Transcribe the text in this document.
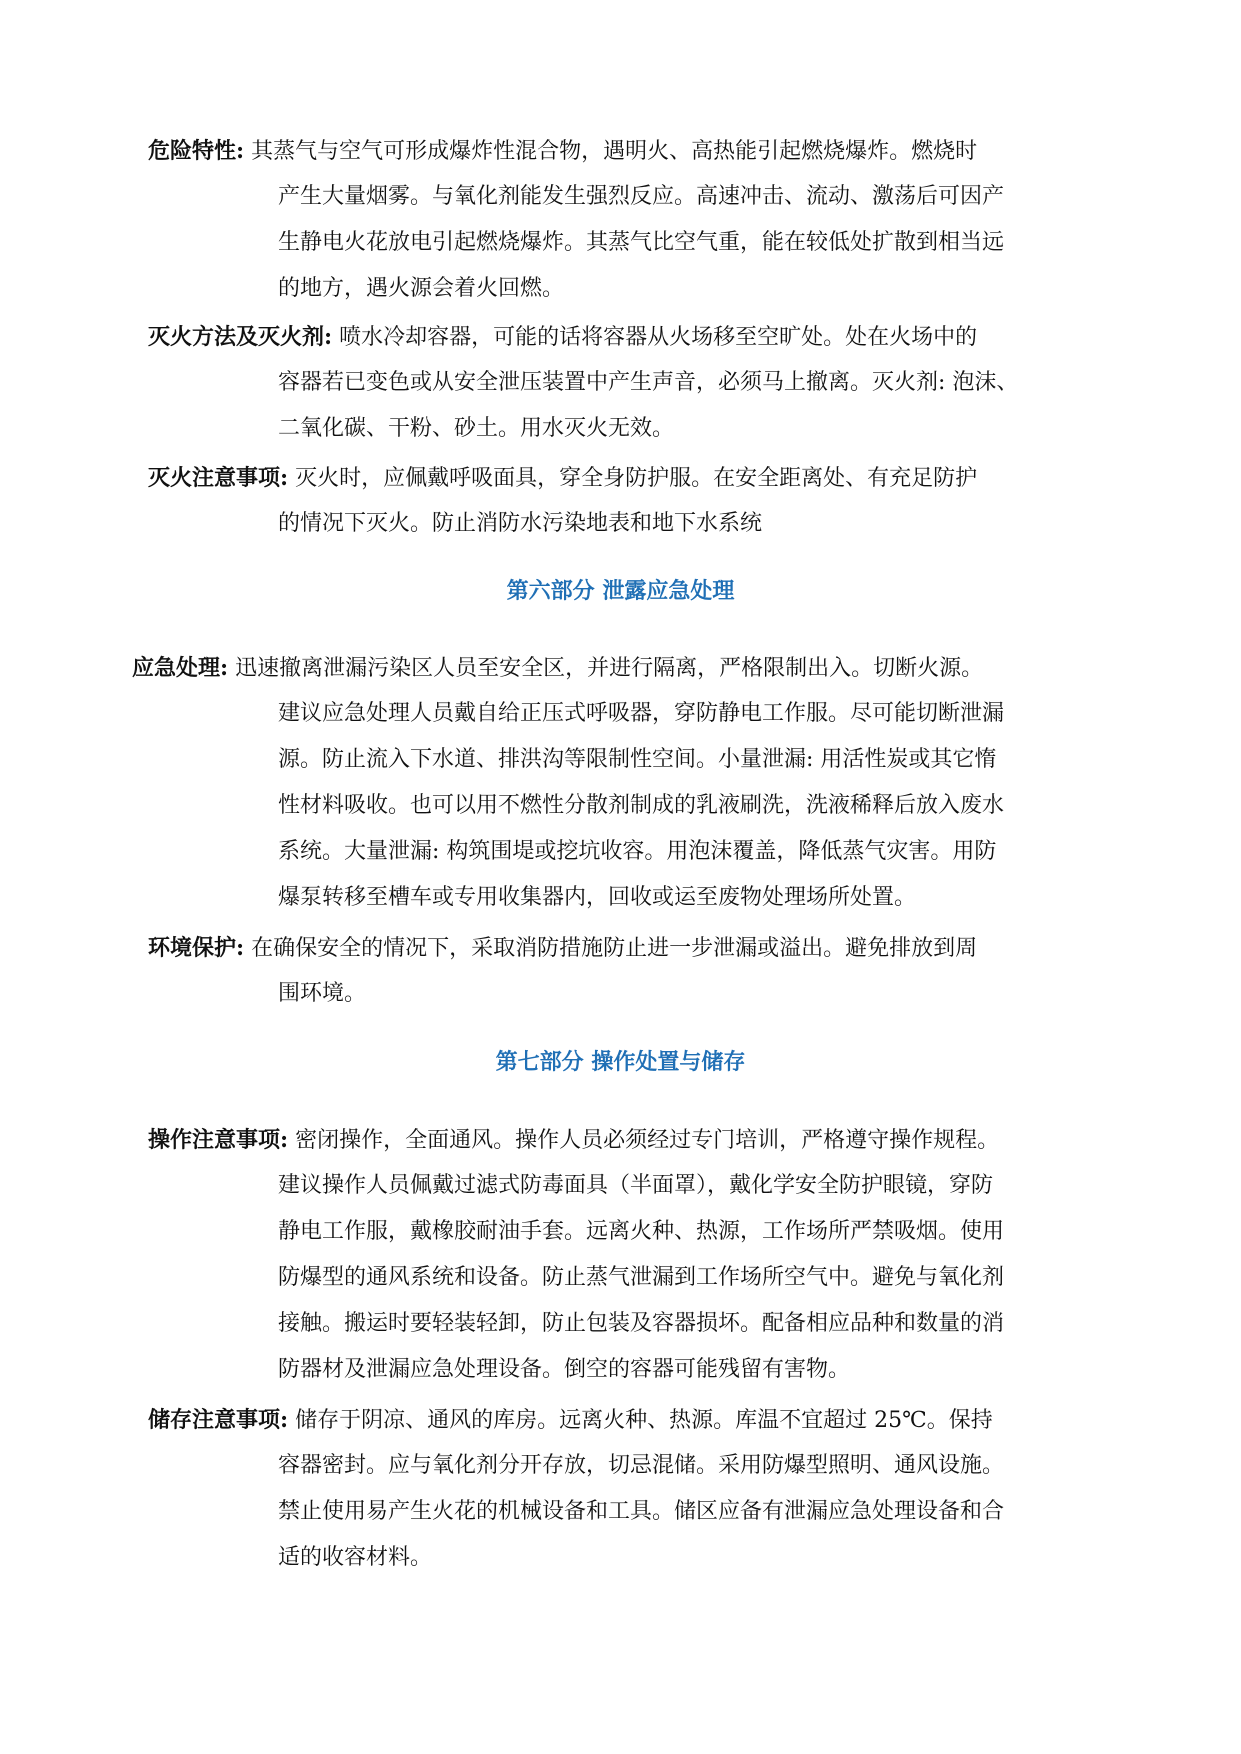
危险特性: 其蒸气与空气可形成爆炸性混合物，遇明火、高热能引起燃烧爆炸。燃烧时
产生大量烟雾。与氧化剂能发生强烈反应。高速冲击、流动、激荡后可因产
生静电火花放电引起燃烧爆炸。其蒸气比空气重，能在较低处扩散到相当远
的地方，遇火源会着火回燃。
灭火方法及灭火剂: 喷水冷却容器，可能的话将容器从火场移至空旷处。处在火场中的
容器若已变色或从安全泄压装置中产生声音，必须马上撤离。灭火剂: 泡沫、
二氧化碳、干粉、砂土。用水灭火无效。
灭火注意事项: 灭火时，应佩戴呼吸面具，穿全身防护服。在安全距离处、有充足防护
的情况下灭火。防止消防水污染地表和地下水系统
第六部分 泄露应急处理
应急处理: 迅速撤离泄漏污染区人员至安全区，并进行隔离，严格限制出入。切断火源。
建议应急处理人员戴自给正压式呼吸器，穿防静电工作服。尽可能切断泄漏
源。防止流入下水道、排洪沟等限制性空间。小量泄漏: 用活性炭或其它惰
性材料吸收。也可以用不燃性分散剂制成的乳液刷洗，洗液稀释后放入废水
系统。大量泄漏: 构筑围堤或挖坑收容。用泡沫覆盖，降低蒸气灾害。用防
爆泵转移至槽车或专用收集器内，回收或运至废物处理场所处置。
环境保护: 在确保安全的情况下，采取消防措施防止进一步泄漏或溢出。避免排放到周
围环境。
第七部分 操作处置与储存
操作注意事项: 密闭操作，全面通风。操作人员必须经过专门培训，严格遵守操作规程。
建议操作人员佩戴过滤式防毒面具（半面罩），戴化学安全防护眼镜，穿防
静电工作服，戴橡胶耐油手套。远离火种、热源，工作场所严禁吸烟。使用
防爆型的通风系统和设备。防止蒸气泄漏到工作场所空气中。避免与氧化剂
接触。搬运时要轻装轻卸，防止包装及容器损坏。配备相应品种和数量的消
防器材及泄漏应急处理设备。倒空的容器可能残留有害物。
储存注意事项: 储存于阴凉、通风的库房。远离火种、热源。库温不宜超过 25℃。保持
容器密封。应与氧化剂分开存放，切忌混储。采用防爆型照明、通风设施。
禁止使用易产生火花的机械设备和工具。储区应备有泄漏应急处理设备和合
适的收容材料。
